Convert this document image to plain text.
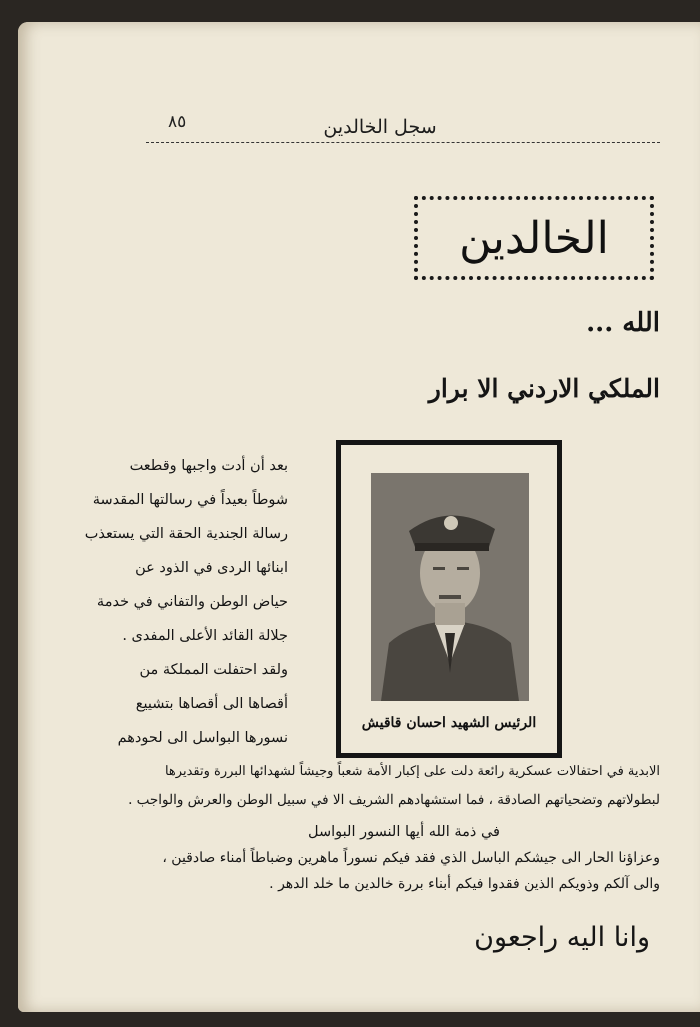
٨٥	سجل الخالدين
الخالدين
الله ...
الملكي الاردني الا برار
الرئيس الشهيد احسان قاقيش
بعد أن أدت واجبها وقطعت
شوطاً بعيداً في رسالتها المقدسة
رسالة الجندية الحقة التي يستعذب
ابنائها الردى في الذود عن
حياض الوطن والتفاني في خدمة
جلالة القائد الأعلى المفدى .
ولقد احتفلت المملكة من
أقصاها الى أقصاها بتشييع
نسورها البواسل الى لحودهم
الابدية في احتفالات عسكرية رائعة دلت على إكبار الأمة شعباً وجيشاً لشهدائها البررة وتقديرها
لبطولاتهم وتضحياتهم الصادقة ، فما استشهادهم الشريف الا في سبيل الوطن والعرش والواجب .
في ذمة الله أيها النسور البواسل
وعزاؤنا الحار الى جيشكم الباسل الذي فقد فيكم نسوراً ماهرين وضباطاً أمناء صادقين ،
والى آلكم وذويكم الذين فقدوا فيكم أبناء بررة خالدين ما خلد الدهر .
وانا اليه راجعون
